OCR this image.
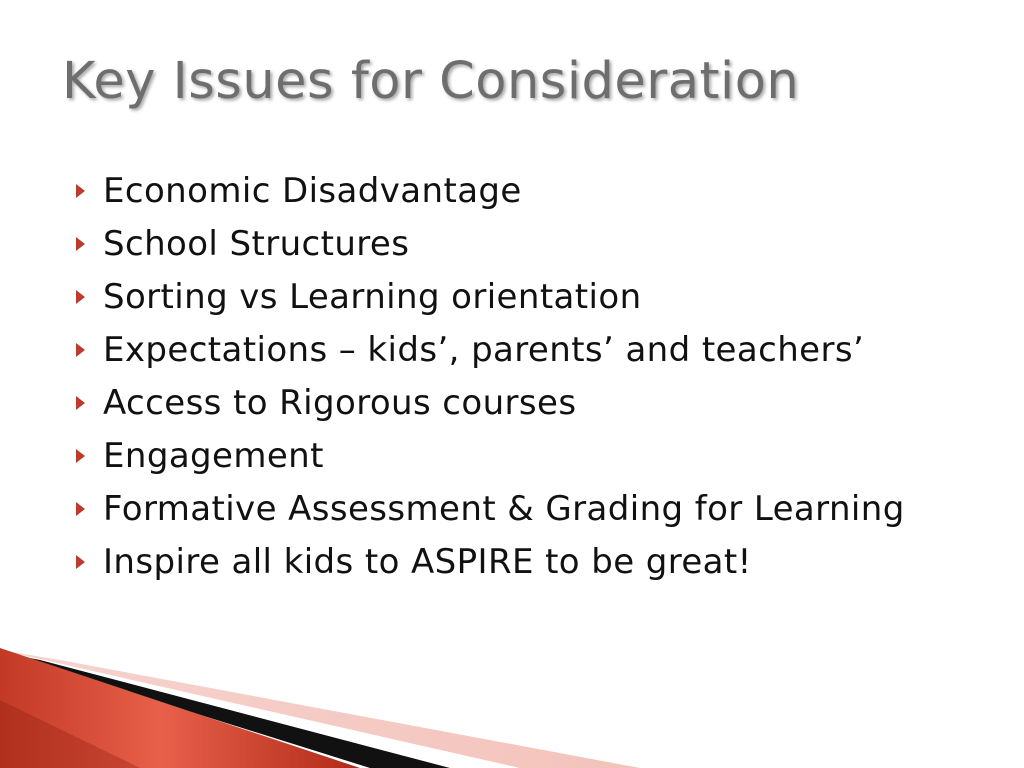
Key Issues for Consideration
Economic Disadvantage
School Structures
Sorting vs Learning orientation
Expectations – kids’, parents’ and teachers’
Access to Rigorous courses
Engagement
Formative Assessment & Grading for Learning
Inspire all kids to ASPIRE to be great!
